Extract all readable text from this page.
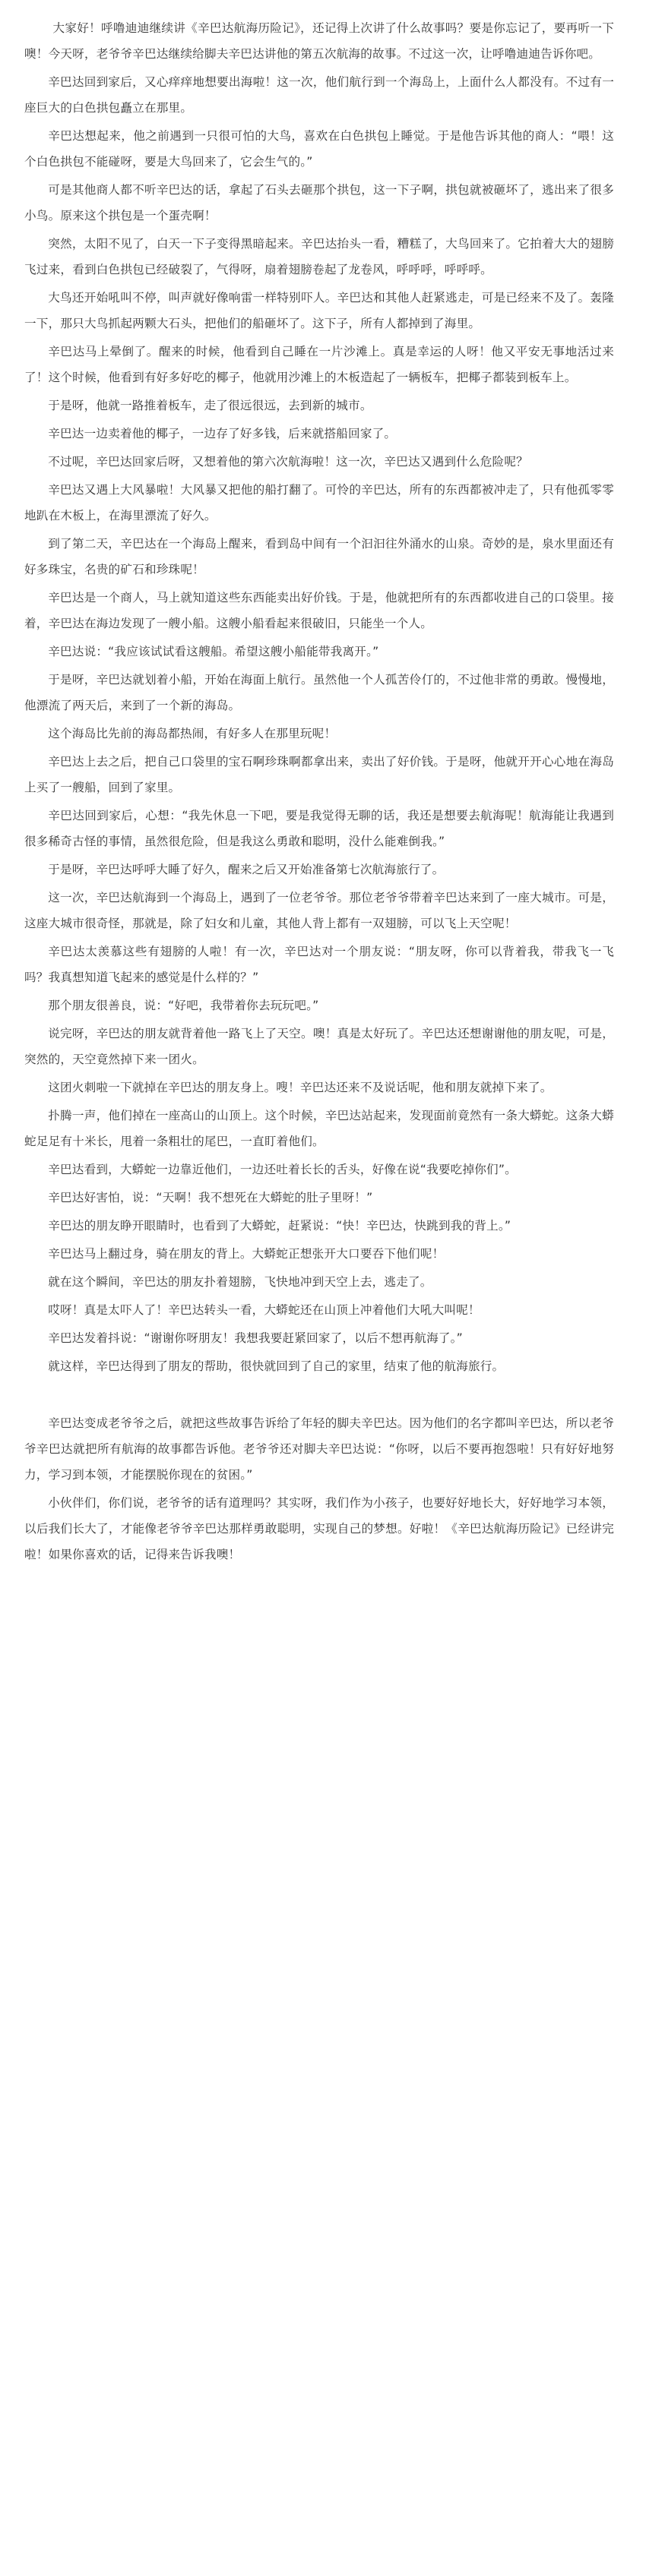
大家好！呼噜迪迪继续讲《辛巴达航海历险记》，还记得上次讲了什么故事吗？要是你忘记了，要再听一下噢！今天呀，老爷爷辛巴达继续给脚夫辛巴达讲他的第五次航海的故事。不过这一次，让呼噜迪迪告诉你吧。

辛巴达回到家后，又心痒痒地想要出海啦！这一次，他们航行到一个海岛上，上面什么人都没有。不过有一座巨大的白色拱包矗立在那里。

辛巴达想起来，他之前遇到一只很可怕的大鸟，喜欢在白色拱包上睡觉。于是他告诉其他的商人：“喂！这个白色拱包不能碰呀，要是大鸟回来了，它会生气的。”

可是其他商人都不听辛巴达的话，拿起了石头去砸那个拱包，这一下子啊，拱包就被砸坏了，逃出来了很多小鸟。原来这个拱包是一个蛋壳啊！

突然，太阳不见了，白天一下子变得黑暗起来。辛巴达抬头一看，糟糕了，大鸟回来了。它拍着大大的翅膀飞过来，看到白色拱包已经破裂了，气得呀，扇着翅膀卷起了龙卷风，呼呼呼，呼呼呼。

大鸟还开始吼叫不停，叫声就好像响雷一样特别吓人。辛巴达和其他人赶紧逃走，可是已经来不及了。轰隆一下，那只大鸟抓起两颗大石头，把他们的船砸坏了。这下子，所有人都掉到了海里。

辛巴达马上晕倒了。醒来的时候，他看到自己睡在一片沙滩上。真是幸运的人呀！他又平安无事地活过来了！这个时候，他看到有好多好吃的椰子，他就用沙滩上的木板造起了一辆板车，把椰子都装到板车上。

于是呀，他就一路推着板车，走了很远很远，去到新的城市。

辛巴达一边卖着他的椰子，一边存了好多钱，后来就搭船回家了。

不过呢，辛巴达回家后呀，又想着他的第六次航海啦！这一次，辛巴达又遇到什么危险呢？

辛巴达又遇上大风暴啦！大风暴又把他的船打翻了。可怜的辛巴达，所有的东西都被冲走了，只有他孤零零地趴在木板上，在海里漂流了好久。

到了第二天，辛巴达在一个海岛上醒来，看到岛中间有一个汩汩往外涌水的山泉。奇妙的是，泉水里面还有好多珠宝，名贵的矿石和珍珠呢！

辛巴达是一个商人，马上就知道这些东西能卖出好价钱。于是，他就把所有的东西都收进自己的口袋里。接着，辛巴达在海边发现了一艘小船。这艘小船看起来很破旧，只能坐一个人。

辛巴达说：“我应该试试看这艘船。希望这艘小船能带我离开。”

于是呀，辛巴达就划着小船，开始在海面上航行。虽然他一个人孤苦伶仃的，不过他非常的勇敢。慢慢地，他漂流了两天后，来到了一个新的海岛。

这个海岛比先前的海岛都热闹，有好多人在那里玩呢！

辛巴达上去之后，把自己口袋里的宝石啊珍珠啊都拿出来，卖出了好价钱。于是呀，他就开开心心地在海岛上买了一艘船，回到了家里。

辛巴达回到家后，心想：“我先休息一下吧，要是我觉得无聊的话，我还是想要去航海呢！航海能让我遇到很多稀奇古怪的事情，虽然很危险，但是我这么勇敢和聪明，没什么能难倒我。”

于是呀，辛巴达呼呼大睡了好久，醒来之后又开始准备第七次航海旅行了。

这一次，辛巴达航海到一个海岛上，遇到了一位老爷爷。那位老爷爷带着辛巴达来到了一座大城市。可是，这座大城市很奇怪，那就是，除了妇女和儿童，其他人背上都有一双翅膀，可以飞上天空呢！

辛巴达太羡慕这些有翅膀的人啦！有一次，辛巴达对一个朋友说：“朋友呀，你可以背着我，带我飞一飞吗？我真想知道飞起来的感觉是什么样的？”

那个朋友很善良，说：“好吧，我带着你去玩玩吧。”

说完呀，辛巴达的朋友就背着他一路飞上了天空。噢！真是太好玩了。辛巴达还想谢谢他的朋友呢，可是，突然的，天空竟然掉下来一团火。

这团火刺啦一下就掉在辛巴达的朋友身上。嗖！辛巴达还来不及说话呢，他和朋友就掉下来了。

扑腾一声，他们掉在一座高山的山顶上。这个时候，辛巴达站起来，发现面前竟然有一条大蟒蛇。这条大蟒蛇足足有十米长，甩着一条粗壮的尾巴，一直盯着他们。

辛巴达看到，大蟒蛇一边靠近他们，一边还吐着长长的舌头，好像在说“我要吃掉你们”。

辛巴达好害怕，说：“天啊！我不想死在大蟒蛇的肚子里呀！”

辛巴达的朋友睁开眼睛时，也看到了大蟒蛇，赶紧说：“快！辛巴达，快跳到我的背上。”

辛巴达马上翻过身，骑在朋友的背上。大蟒蛇正想张开大口要吞下他们呢！

就在这个瞬间，辛巴达的朋友扑着翅膀，飞快地冲到天空上去，逃走了。

哎呀！真是太吓人了！辛巴达转头一看，大蟒蛇还在山顶上冲着他们大吼大叫呢！

辛巴达发着抖说：“谢谢你呀朋友！我想我要赶紧回家了，以后不想再航海了。”

就这样，辛巴达得到了朋友的帮助，很快就回到了自己的家里，结束了他的航海旅行。

辛巴达变成老爷爷之后，就把这些故事告诉给了年轻的脚夫辛巴达。因为他们的名字都叫辛巴达，所以老爷爷辛巴达就把所有航海的故事都告诉他。老爷爷还对脚夫辛巴达说：“你呀，以后不要再抱怨啦！只有好好地努力，学习到本领，才能摆脱你现在的贫困。”

小伙伴们，你们说，老爷爷的话有道理吗？其实呀，我们作为小孩子，也要好好地长大，好好地学习本领，以后我们长大了，才能像老爷爷辛巴达那样勇敢聪明，实现自己的梦想。好啦！《辛巴达航海历险记》已经讲完啦！如果你喜欢的话，记得来告诉我噢！
